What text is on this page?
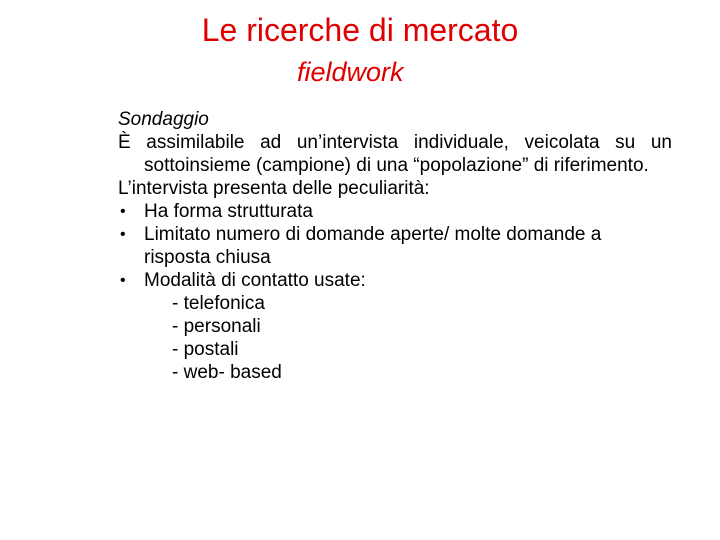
Le ricerche di mercato
fieldwork

Sondaggio

È assimilabile ad un’intervista individuale, veicolata su un sottoinsieme (campione) di una “popolazione” di riferimento.

L’intervista presenta delle peculiarità:

• Ha forma strutturata
• Limitato numero di domande aperte/ molte domande a risposta chiusa
• Modalità di contatto usate:
- telefonica
- personali
- postali
- web- based
